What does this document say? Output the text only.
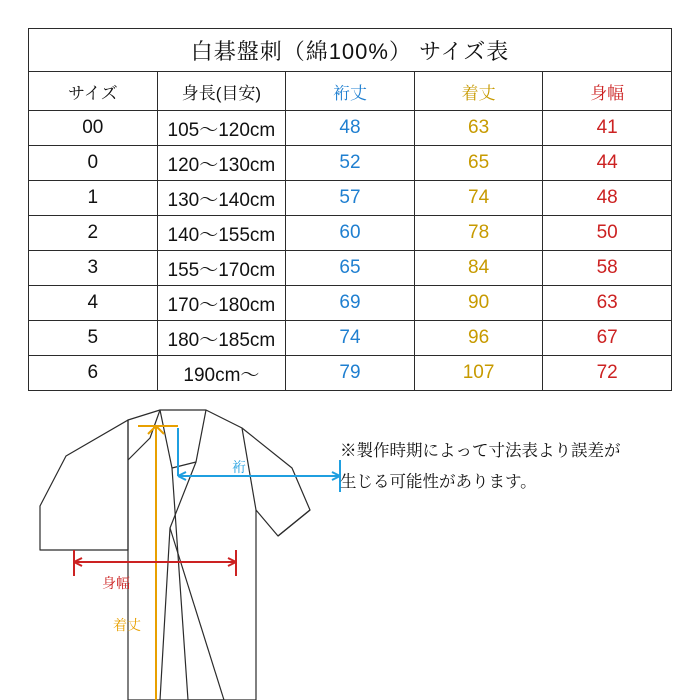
白碁盤刺（綿100%） サイズ表				
サイズ	身長(目安)	裄丈	着丈	身幅
00	105〜120cm	48	63	41
0	120〜130cm	52	65	44
1	130〜140cm	57	74	48
2	140〜155cm	60	78	50
3	155〜170cm	65	84	58
4	170〜180cm	69	90	63
5	180〜185cm	74	96	67
6	190cm〜	79	107	72
裄
着丈
身幅
※製作時期によって寸法表より誤差が
生じる可能性があります。
